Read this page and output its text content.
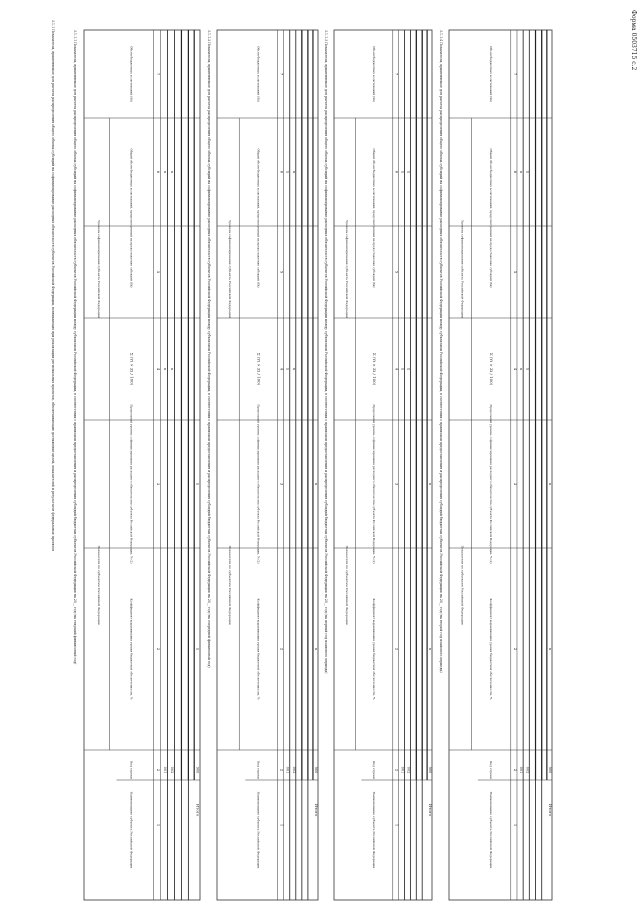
Форма 0503715 с.2
3.1.1 Показатели, применяемые для расчета распределения общего объема субсидий на софинансирование расходных обязательств субъектов Российской Федерации, возникающих при реализации региональных проектов, обеспечивающих достижение целей, показателей и результатов федеральных проектов	3.1.1.1 Показатели, применяемые для расчета распределения общего объема субсидий на софинансирование расходных обязательств субъектов Российской Федерации между субъектами Российской Федерации, в соответствии с правилами предоставления и распределения субсидий бюджетам субъектов Российской Федерации на 20__ год (на текущий финансовый год)
Наименование субъекта Российской Федерации
Код строки
Показатели по субъектам Российской Федерации
Уровень софинансирования субъекта Российской Федерации
Коэффициент выравнивания уровня бюджетной обеспеченности, %
Предельный уровень софинансирования расходного обязательства субъекта Российской Федерации, % (2)
Σ (Yi × Zi / 100)
Общий объем бюджетных ассигнований, предусмотренный на предоставление субсидий (Sk)
Объем бюджетных ассигнований (Sk)
1
2
3
4
5
6
7
2 001 002
x
x
x
x
Итого
900
x
x 3.1.1.2 Показатели, применяемые для расчета распределения общего объема субсидий на софинансирование расходных обязательств субъектов Российской Федерации между субъектами Российской Федерации, в соответствии с правилами предоставления и распределения субсидий бюджетам субъектов Российской Федерации на 20__ год (на очередной финансовый год)
Наименование субъекта Российской Федерации
Код строки
Показатели по субъектам Российской Федерации
Уровень софинансирования субъекта Российской Федерации
Коэффициент выравнивания уровня бюджетной обеспеченности, %
Предельный уровень софинансирования расходного обязательства субъекта Российской Федерации, % (2)
Σ (Yi × Zi / 100)
Общий объем бюджетных ассигнований, предусмотренный на предоставление субсидий (Sk)
Объем бюджетных ассигнований (Sk)
1
2
3
4
5
6
7
2 001 002
x
x
x
x
Итого
900
x
x 3.1.1.3 Показатели, применяемые для расчета распределения общего объема субсидий на софинансирование расходных обязательств субъектов Российской Федерации между субъектами Российской Федерации, в соответствии с правилами предоставления и распределения субсидий бюджетам субъектов Российской Федерации на 20__ год (на первый год планового периода)
Наименование субъекта Российской Федерации
Код строки
Показатели по субъектам Российской Федерации
Уровень софинансирования субъекта Российской Федерации
Коэффициент выравнивания уровня бюджетной обеспеченности, %
Предельный уровень софинансирования расходного обязательства субъекта Российской Федерации, % (2)
Σ (Yi × Zi / 100)
Общий объем бюджетных ассигнований, предусмотренный на предоставление субсидий (Sk)
Объем бюджетных ассигнований (Sk)
1
2
3
4
5
6
7
2 001 002
x
x
x
x
Итого
900
x
x 3.1.1.4 Показатели, применяемые для расчета распределения общего объема субсидий на софинансирование расходных обязательств субъектов Российской Федерации между субъектами Российской Федерации, в соответствии с правилами предоставления и распределения субсидий бюджетам субъектов Российской Федерации на 20__ год (на второй год планового периода)
Наименование субъекта Российской Федерации
Код строки
Показатели по субъектам Российской Федерации
Уровень софинансирования субъекта Российской Федерации
Коэффициент выравнивания уровня бюджетной обеспеченности, %
Предельный уровень софинансирования расходного обязательства субъекта Российской Федерации, % (2)
Σ (Yi × Zi / 100)
Общий объем бюджетных ассигнований, предусмотренный на предоставление субсидий (Sk)
Объем бюджетных ассигнований (Sk)
1
2
3
4
5
6
7
2 001 002
x
x
x
x
Итого
900
x
x
